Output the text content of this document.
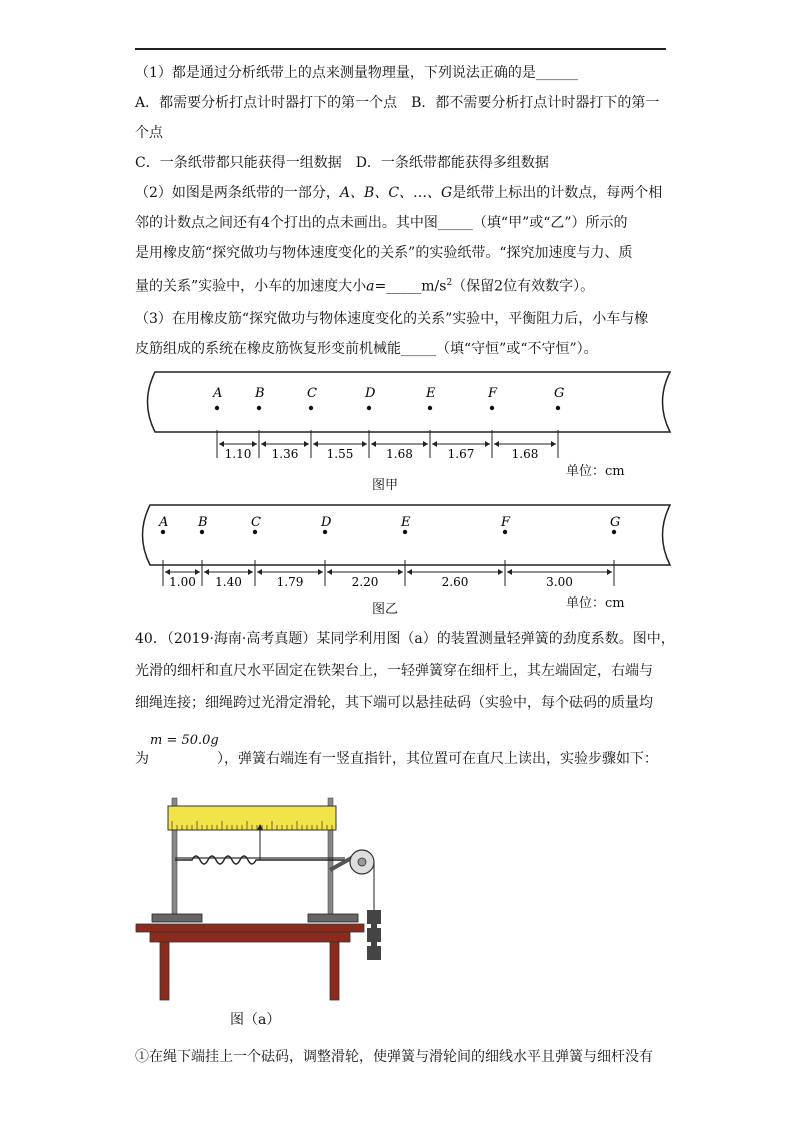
（1）都是通过分析纸带上的点来测量物理量，下列说法正确的是______
A．都需要分析打点计时器打下的第一个点　B．都不需要分析打点计时器打下的第一
个点
C．一条纸带都只能获得一组数据　D．一条纸带都能获得多组数据
（2）如图是两条纸带的一部分，A、B、C、…、G是纸带上标出的计数点，每两个相
邻的计数点之间还有4个打出的点未画出。其中图_____（填“甲”或“乙”）所示的
是用橡皮筋“探究做功与物体速度变化的关系”的实验纸带。“探究加速度与力、质
量的关系”实验中，小车的加速度大小$a=\_\_\_\_\_m/s^2$（保留2位有效数字）。
（3）在用橡皮筋“探究做功与物体速度变化的关系”实验中，平衡阻力后，小车与橡
皮筋组成的系统在橡皮筋恢复形变前机械能_____（填“守恒”或“不守恒”）。
A	B	C	D	E	F	G
1.10 1.36 1.55	1.68	1.67	1.68
A B	C	D	E	F	G
1.00 1.40	1.79	2.20	2.60	3.00
图甲
单位：cm
图乙	单位：cm
40．（2019·海南·高考真题）某同学利用图（a）的装置测量轻弹簧的劲度系数。图中，
光滑的细杆和直尺水平固定在铁架台上，一轻弹簧穿在细杆上，其左端固定，右端与
细绳连接；细绳跨过光滑定滑轮，其下端可以悬挂砝码（实验中，每个砝码的质量均
m = 50.0g
为	），弹簧右端连有一竖直指针，其位置可在直尺上读出，实验步骤如下：
图（a）
①在绳下端挂上一个砝码，调整滑轮，使弹簧与滑轮间的细线水平且弹簧与细杆没有
